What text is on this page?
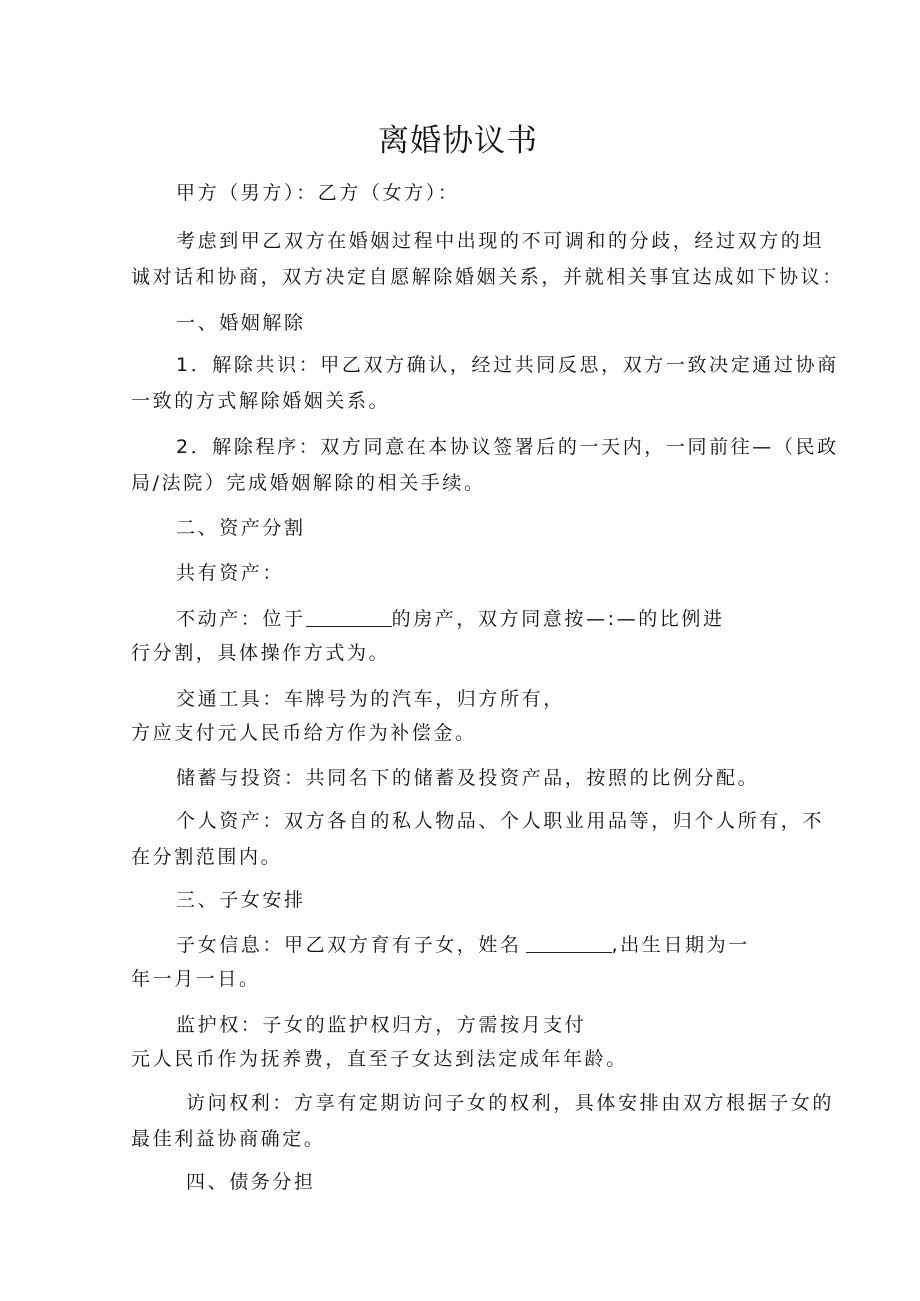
离婚协议书
甲方（男方）：乙方（女方）：
考虑到甲乙双方在婚姻过程中出现的不可调和的分歧，经过双方的坦
诚对话和协商，双方决定自愿解除婚姻关系，并就相关事宜达成如下协议：
一、婚姻解除
1．解除共识：甲乙双方确认，经过共同反思，双方一致决定通过协商
一致的方式解除婚姻关系。
2．解除程序：双方同意在本协议签署后的一天内，一同前往—（民政
局/法院）完成婚姻解除的相关手续。
二、资产分割
共有资产：
不动产：位于	的房产，双方同意按—:—的比例进
行分割，具体操作方式为。
交通工具：车牌号为的汽车，归方所有，
方应支付元人民币给方作为补偿金。
储蓄与投资：共同名下的储蓄及投资产品，按照的比例分配。
个人资产：双方各自的私人物品、个人职业用品等，归个人所有，不
在分割范围内。
三、子女安排
子女信息：甲乙双方育有子女，姓名	,出生日期为一
年一月一日。
监护权：子女的监护权归方，方需按月支付
元人民币作为抚养费，直至子女达到法定成年年龄。
访问权利：方享有定期访问子女的权利，具体安排由双方根据子女的
最佳利益协商确定。
四、债务分担
